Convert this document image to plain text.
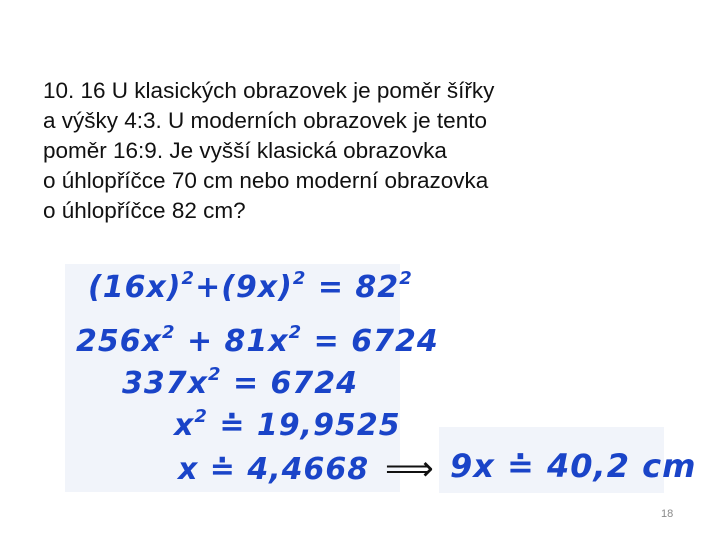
10. 16 U klasických obrazovek je poměr šířky
a výšky 4:3. U moderních obrazovek je tento
poměr 16:9. Je vyšší klasická obrazovka
o úhlopříčce 70 cm nebo moderní obrazovka
o úhlopříčce 82 cm?
$(16x)^2+(9x)^2 = 82^2$
$256x^2 + 81x^2 = 6724$
$337x^2 = 6724$
$x^2$ ≐ 19,9525
x ≐ 4,4668 ⟹ 9x ≐ 40,2 cm
18
